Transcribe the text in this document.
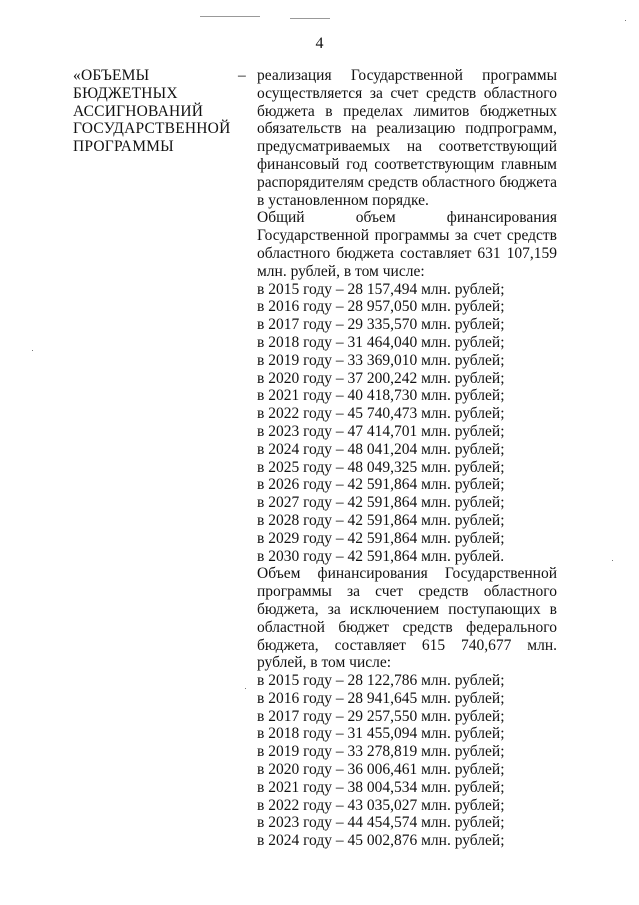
4
«ОБЪЕМЫ
БЮДЖЕТНЫХ
АССИГНОВАНИЙ
ГОСУДАРСТВЕННОЙ
ПРОГРАММЫ
– реализация Государственной программы осуществляется за счет средств областного бюджета в пределах лимитов бюджетных обязательств на реализацию подпрограмм, предусматриваемых на соответствующий финансовый год соответствующим главным распорядителям средств областного бюджета в установленном порядке.
Общий объем финансирования Государственной программы за счет средств областного бюджета составляет 631 107,159 млн. рублей, в том числе:
в 2015 году – 28 157,494 млн. рублей;
в 2016 году – 28 957,050 млн. рублей;
в 2017 году – 29 335,570 млн. рублей;
в 2018 году – 31 464,040 млн. рублей;
в 2019 году – 33 369,010 млн. рублей;
в 2020 году – 37 200,242 млн. рублей;
в 2021 году – 40 418,730 млн. рублей;
в 2022 году – 45 740,473 млн. рублей;
в 2023 году – 47 414,701 млн. рублей;
в 2024 году – 48 041,204 млн. рублей;
в 2025 году – 48 049,325 млн. рублей;
в 2026 году – 42 591,864 млн. рублей;
в 2027 году – 42 591,864 млн. рублей;
в 2028 году – 42 591,864 млн. рублей;
в 2029 году – 42 591,864 млн. рублей;
в 2030 году – 42 591,864 млн. рублей.
Объем финансирования Государственной программы за счет средств областного бюджета, за исключением поступающих в областной бюджет средств федерального бюджета, составляет 615 740,677 млн. рублей, в том числе:
в 2015 году – 28 122,786 млн. рублей;
в 2016 году – 28 941,645 млн. рублей;
в 2017 году – 29 257,550 млн. рублей;
в 2018 году – 31 455,094 млн. рублей;
в 2019 году – 33 278,819 млн. рублей;
в 2020 году – 36 006,461 млн. рублей;
в 2021 году – 38 004,534 млн. рублей;
в 2022 году – 43 035,027 млн. рублей;
в 2023 году – 44 454,574 млн. рублей;
в 2024 году – 45 002,876 млн. рублей;
